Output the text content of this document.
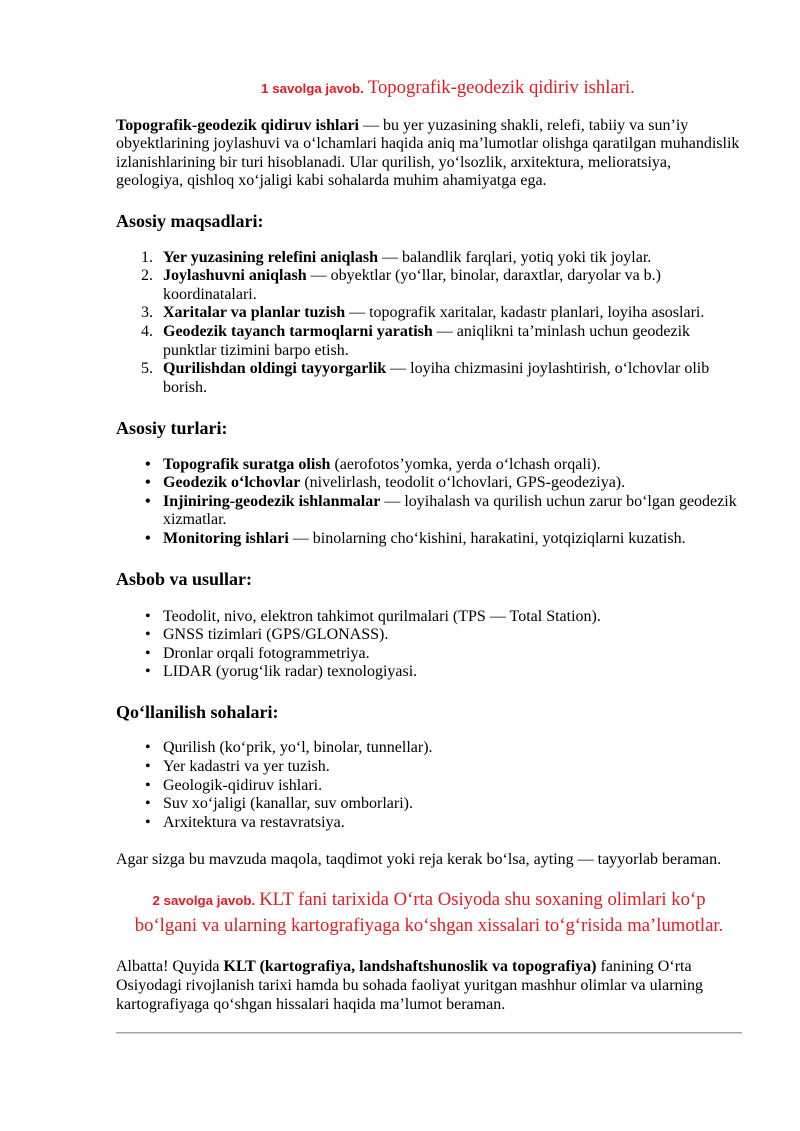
1 savolga javob. Topografik-geodezik qidiriv ishlari.

Topografik-geodezik qidiruv ishlari — bu yer yuzasining shakli, relefi, tabiiy va sun’iy
obyektlarining joylashuvi va o‘lchamlari haqida aniq ma’lumotlar olishga qaratilgan muhandislik
izlanishlarining bir turi hisoblanadi. Ular qurilish, yo‘lsozlik, arxitektura, melioratsiya,
geologiya, qishloq xo‘jaligi kabi sohalarda muhim ahamiyatga ega.

Asosiy maqsadlari:
1. Yer yuzasining relefini aniqlash — balandlik farqlari, yotiq yoki tik joylar.
2. Joylashuvni aniqlash — obyektlar (yo‘llar, binolar, daraxtlar, daryolar va b.)
koordinatalari.
3. Xaritalar va planlar tuzish — topografik xaritalar, kadastr planlari, loyiha asoslari.
4. Geodezik tayanch tarmoqlarni yaratish — aniqlikni ta’minlash uchun geodezik
punktlar tizimini barpo etish.
5. Qurilishdan oldingi tayyorgarlik — loyiha chizmasini joylashtirish, o‘lchovlar olib
borish.
Asosiy turlari:
• Topografik suratga olish (aerofotos’yomka, yerda o‘lchash orqali).
• Geodezik o‘lchovlar (nivelirlash, teodolit o‘lchovlari, GPS-geodeziya).
• Injiniring-geodezik ishlanmalar — loyihalash va qurilish uchun zarur bo‘lgan geodezik
xizmatlar.
• Monitoring ishlari — binolarning cho‘kishini, harakatini, yotqiziqlarni kuzatish.
Asbob va usullar:
• Teodolit, nivo, elektron tahkimot qurilmalari (TPS — Total Station).
• GNSS tizimlari (GPS/GLONASS).
• Dronlar orqali fotogrammetriya.
• LIDAR (yorug‘lik radar) texnologiyasi.
Qo‘llanilish sohalari:
• Qurilish (ko‘prik, yo‘l, binolar, tunnellar).
• Yer kadastri va yer tuzish.
• Geologik-qidiruv ishlari.
• Suv xo‘jaligi (kanallar, suv omborlari).
• Arxitektura va restavratsiya.

Agar sizga bu mavzuda maqola, taqdimot yoki reja kerak bo‘lsa, ayting — tayyorlab beraman.

2 savolga javob. KLT fani tarixida O‘rta Osiyoda shu soxaning olimlari ko‘p
bo‘lgani va ularning kartografiyaga ko‘shgan xissalari to‘g‘risida ma’lumotlar.

Albatta! Quyida KLT (kartografiya, landshaftshunoslik va topografiya) fanining O‘rta
Osiyodagi rivojlanish tarixi hamda bu sohada faoliyat yuritgan mashhur olimlar va ularning
kartografiyaga qo‘shgan hissalari haqida ma’lumot beraman.
